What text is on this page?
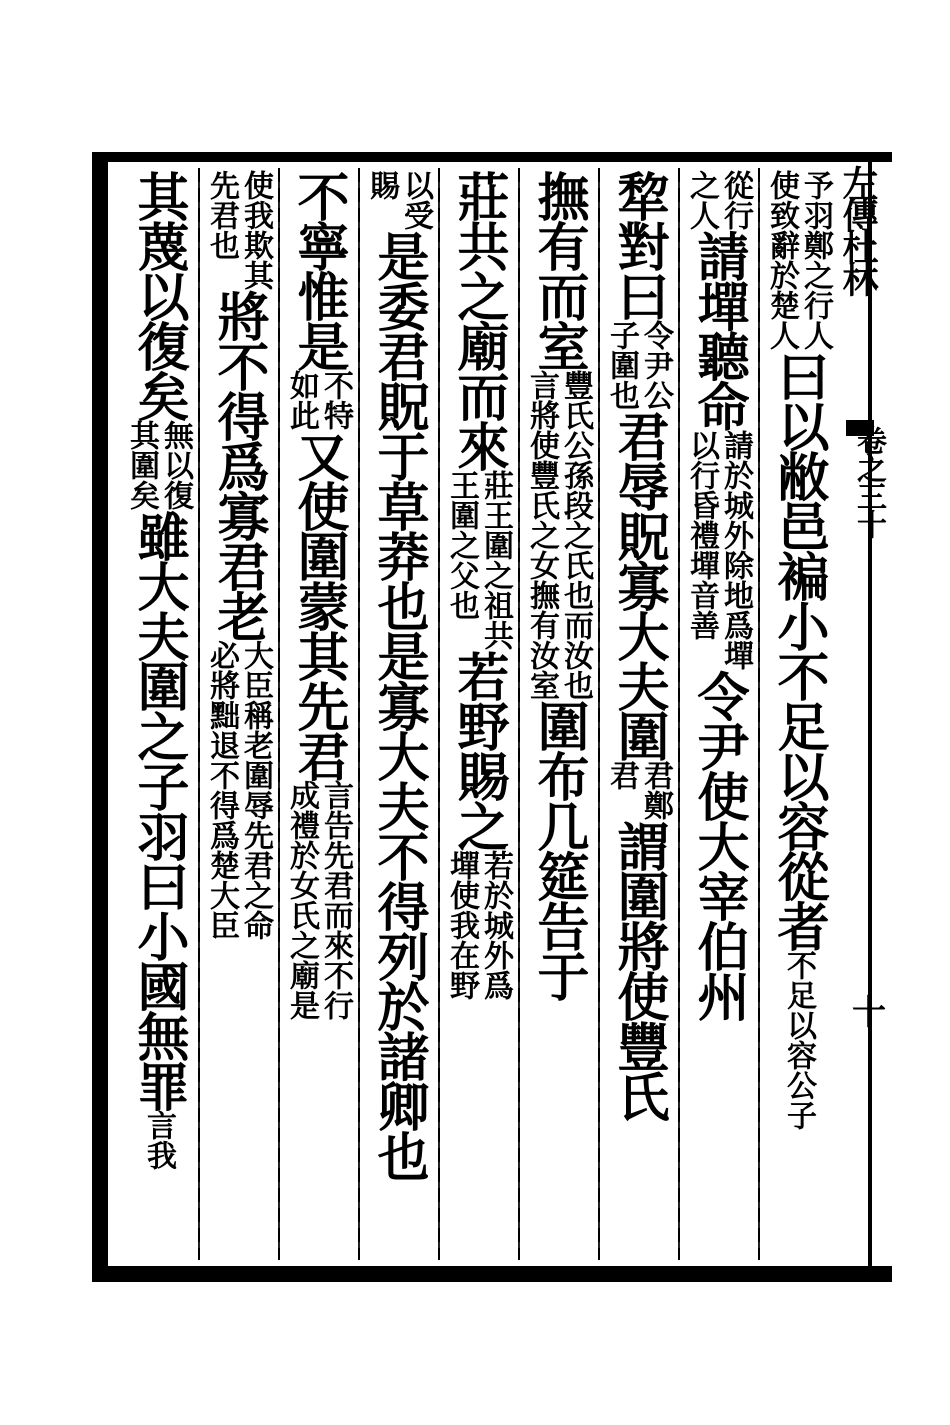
左傳杜林
卷之三十
十
予羽鄭之行人
使致辭於楚人
曰以敝邑褊小不足以容從者
不足以容公子
從行
之人
請墠聽命
請於城外除地爲墠
以行昏禮墠音善
令尹使大宰伯州
犂對曰
令尹公
子圍也
君辱貺寡大夫圍
君鄭
君
謂圍將使豐氏
撫有而室
豐氏公孫段之氏也而汝也
言將使豐氏之女撫有汝室
圍布几筵告于
莊共之廟而來
莊王圍之祖共
王圍之父也
若野賜之
若於城外爲
墠使我在野
以受
賜
是委君貺于草莽也是寡大夫不得列於諸卿也
不寧惟是
不特
如此
又使圍蒙其先君
言告先君而來不行
成禮於女氏之廟是
使我欺其
先君也
將不得爲寡君老
大臣稱老圍辱先君之命
必將黜退不得爲楚大臣
其蔑以復矣
無以復
其圍矣
雖大夫圍之子羽曰小國無罪
言我
